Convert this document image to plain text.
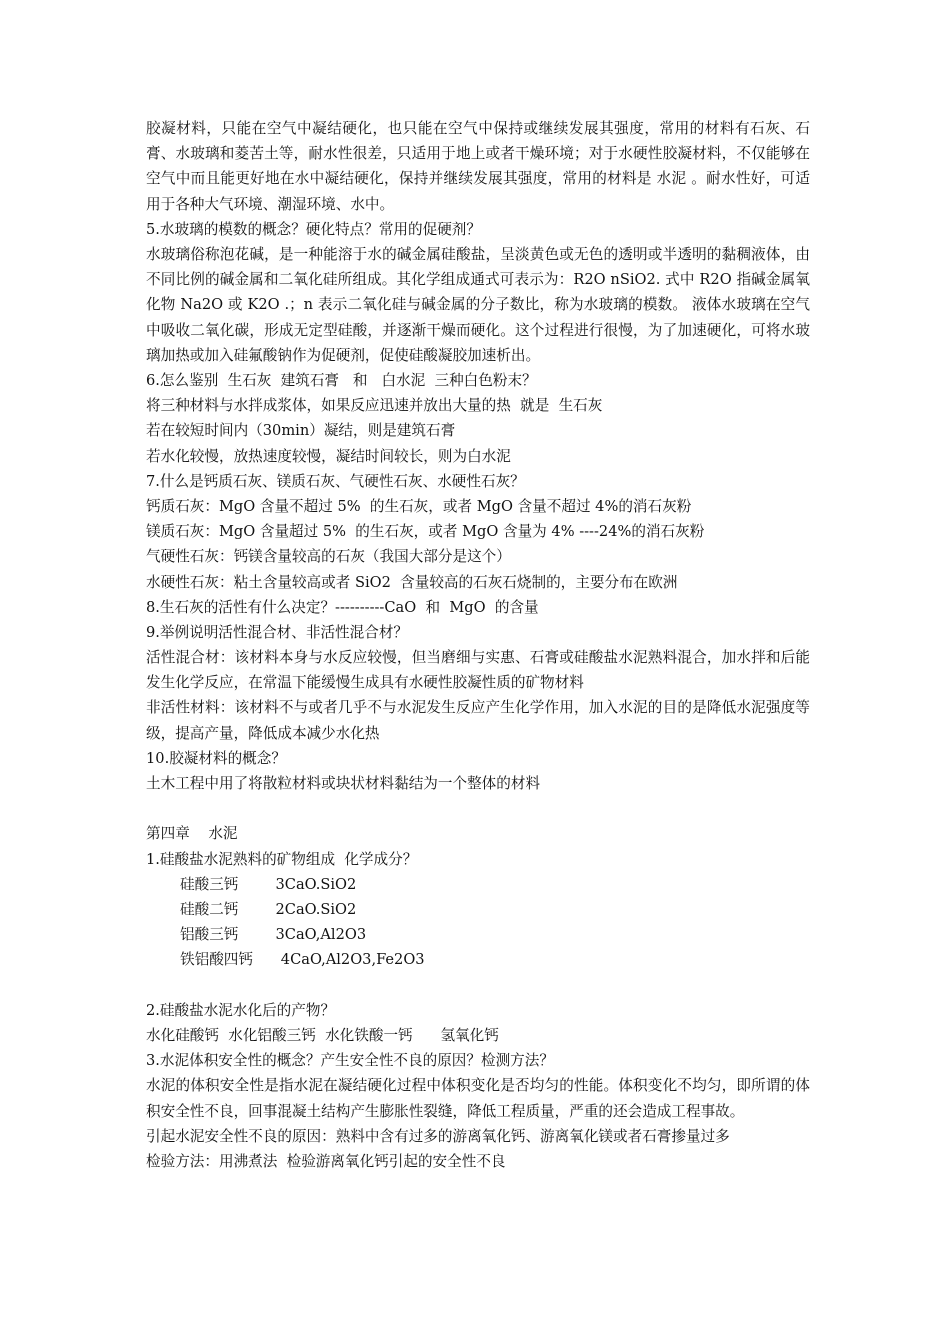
胶凝材料，只能在空气中凝结硬化，也只能在空气中保持或继续发展其强度，常用的材料有石灰、石膏、水玻璃和菱苦土等，耐水性很差，只适用于地上或者干燥环境；对于水硬性胶凝材料，不仅能够在空气中而且能更好地在水中凝结硬化，保持并继续发展其强度，常用的材料是 水泥 。耐水性好，可适用于各种大气环境、潮湿环境、水中。
5.水玻璃的模数的概念？硬化特点？常用的促硬剂？
水玻璃俗称泡花碱，是一种能溶于水的碱金属硅酸盐，呈淡黄色或无色的透明或半透明的黏稠液体，由不同比例的碱金属和二氧化硅所组成。其化学组成通式可表示为：R2O nSiO2. 式中 R2O 指碱金属氧化物 Na2O 或 K2O .；n 表示二氧化硅与碱金属的分子数比，称为水玻璃的模数。 液体水玻璃在空气中吸收二氧化碳，形成无定型硅酸，并逐渐干燥而硬化。这个过程进行很慢，为了加速硬化，可将水玻璃加热或加入硅氟酸钠作为促硬剂，促使硅酸凝胶加速析出。
6.怎么鉴别  生石灰  建筑石膏   和   白水泥  三种白色粉末？
将三种材料与水拌成浆体，如果反应迅速并放出大量的热  就是  生石灰
若在较短时间内（30min）凝结，则是建筑石膏
若水化较慢，放热速度较慢，凝结时间较长，则为白水泥
7.什么是钙质石灰、镁质石灰、气硬性石灰、水硬性石灰？
钙质石灰：MgO 含量不超过 5%  的生石灰，或者 MgO 含量不超过 4%的消石灰粉
镁质石灰：MgO 含量超过 5%  的生石灰，或者 MgO 含量为 4% ----24%的消石灰粉
气硬性石灰：钙镁含量较高的石灰（我国大部分是这个）
水硬性石灰：粘土含量较高或者 SiO2  含量较高的石灰石烧制的，主要分布在欧洲
8.生石灰的活性有什么决定？----------CaO  和  MgO  的含量
9.举例说明活性混合材、非活性混合材？
活性混合材：该材料本身与水反应较慢，但当磨细与实惠、石膏或硅酸盐水泥熟料混合，加水拌和后能发生化学反应，在常温下能缓慢生成具有水硬性胶凝性质的矿物材料
非活性材料：该材料不与或者几乎不与水泥发生反应产生化学作用，加入水泥的目的是降低水泥强度等级，提高产量，降低成本减少水化热
10.胶凝材料的概念？
土木工程中用了将散粒材料或块状材料黏结为一个整体的材料
第四章    水泥
1.硅酸盐水泥熟料的矿物组成  化学成分？
硅酸三钙        3CaO.SiO2
硅酸二钙        2CaO.SiO2
铝酸三钙        3CaO,Al2O3
铁铝酸四钙      4CaO,Al2O3,Fe2O3
2.硅酸盐水泥水化后的产物？
水化硅酸钙  水化铝酸三钙  水化铁酸一钙      氢氧化钙
3.水泥体积安全性的概念？产生安全性不良的原因？检测方法？
水泥的体积安全性是指水泥在凝结硬化过程中体积变化是否均匀的性能。体积变化不均匀，即所谓的体积安全性不良，回事混凝土结构产生膨胀性裂缝，降低工程质量，严重的还会造成工程事故。
引起水泥安全性不良的原因：熟料中含有过多的游离氧化钙、游离氧化镁或者石膏掺量过多
检验方法：用沸煮法  检验游离氧化钙引起的安全性不良
